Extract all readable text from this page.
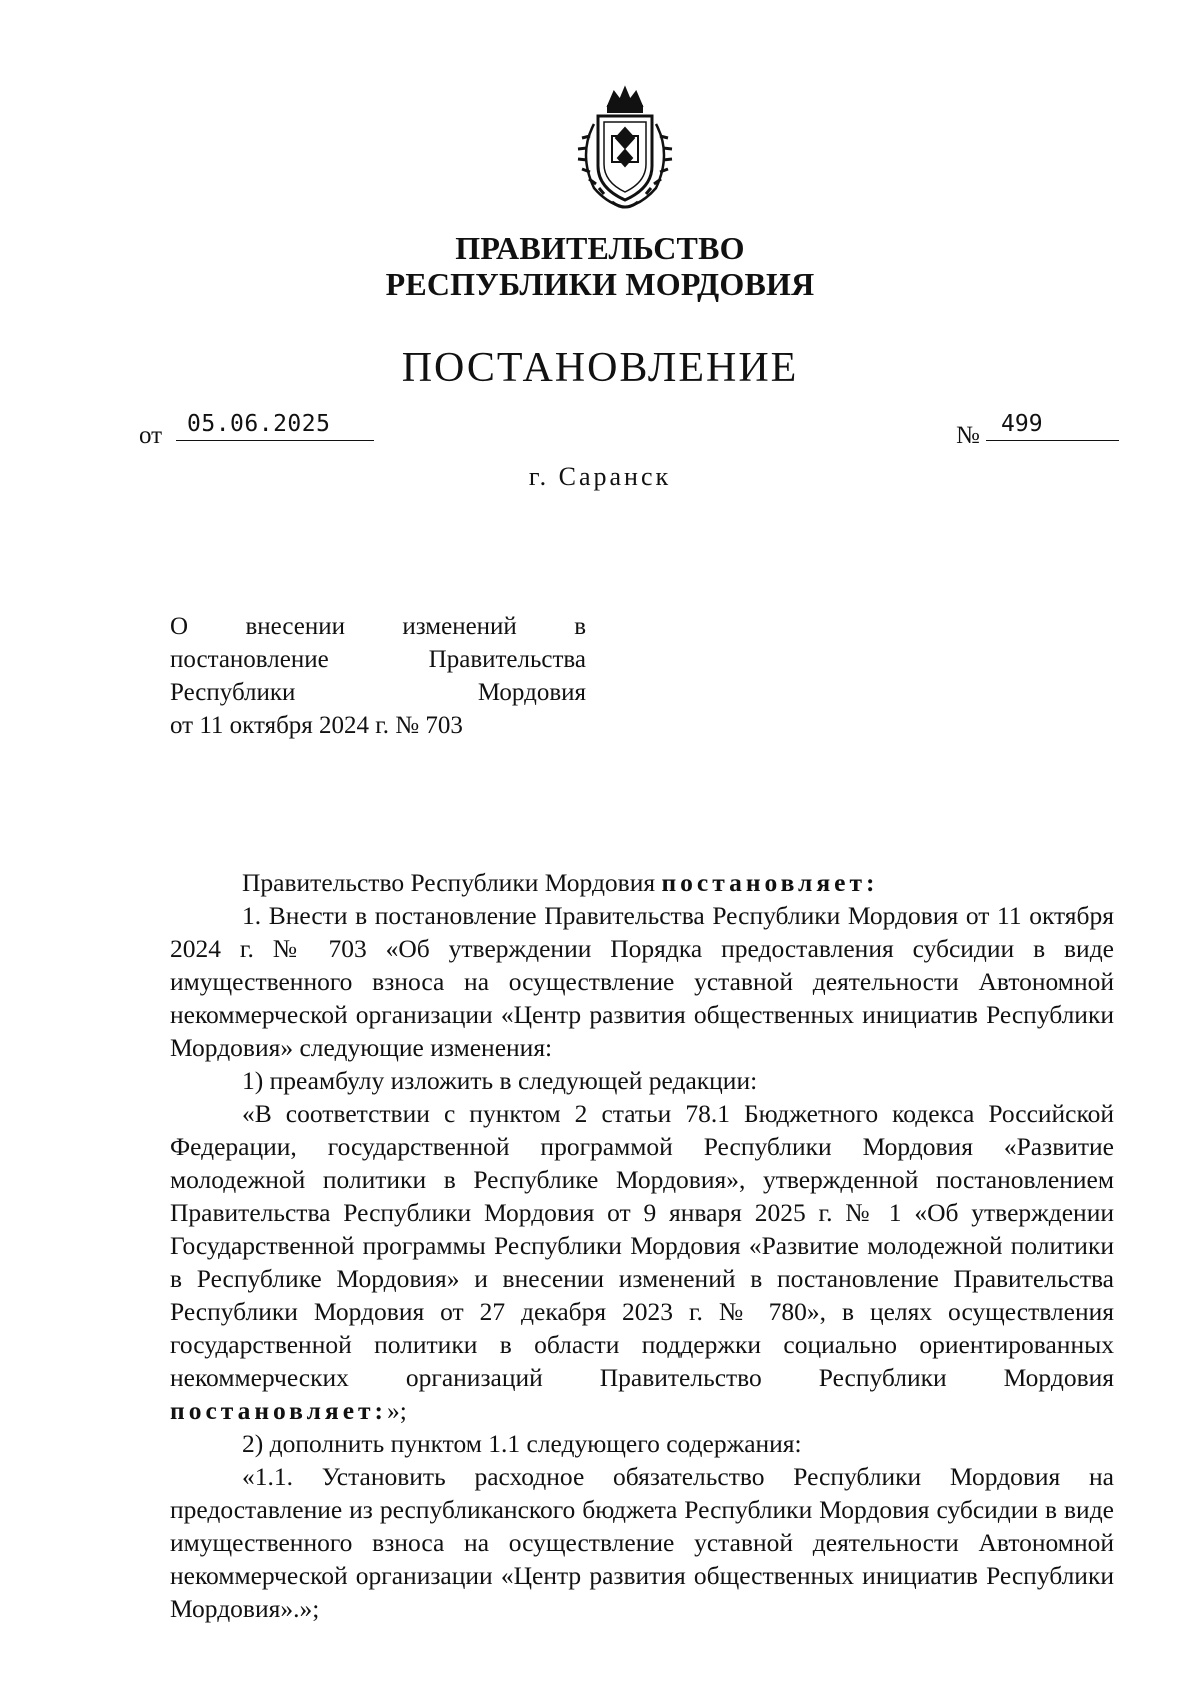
ПРАВИТЕЛЬСТВО
РЕСПУБЛИКИ МОРДОВИЯ
ПОСТАНОВЛЕНИЕ
от 05.06.2025	№ 499
г. Саранск
О внесении изменений в
постановление Правительства
Республики Мордовия
от 11 октября 2024 г. № 703

Правительство Республики Мордовия постановляет:

1. Внести в постановление Правительства Республики Мордовия от 11 октября 2024 г. № 703 «Об утверждении Порядка предоставления субсидии в виде имущественного взноса на осуществление уставной деятельности Автономной некоммерческой организации «Центр развития общественных инициатив Республики Мордовия» следующие изменения:

1) преамбулу изложить в следующей редакции:

«В соответствии с пунктом 2 статьи 78.1 Бюджетного кодекса Российской Федерации, государственной программой Республики Мордовия «Развитие молодежной политики в Республике Мордовия», утвержденной постановлением Правительства Республики Мордовия от 9 января 2025 г. № 1 «Об утверждении Государственной программы Республики Мордовия «Развитие молодежной политики в Республике Мордовия» и внесении изменений в постановление Правительства Республики Мордовия от 27 декабря 2023 г. № 780», в целях осуществления государственной политики в области поддержки социально ориентированных некоммерческих организаций Правительство Республики Мордовия постановляет:»;

2) дополнить пунктом 1.1 следующего содержания:

«1.1. Установить расходное обязательство Республики Мордовия на предоставление из республиканского бюджета Республики Мордовия субсидии в виде имущественного взноса на осуществление уставной деятельности Автономной некоммерческой организации «Центр развития общественных инициатив Республики Мордовия».»;
